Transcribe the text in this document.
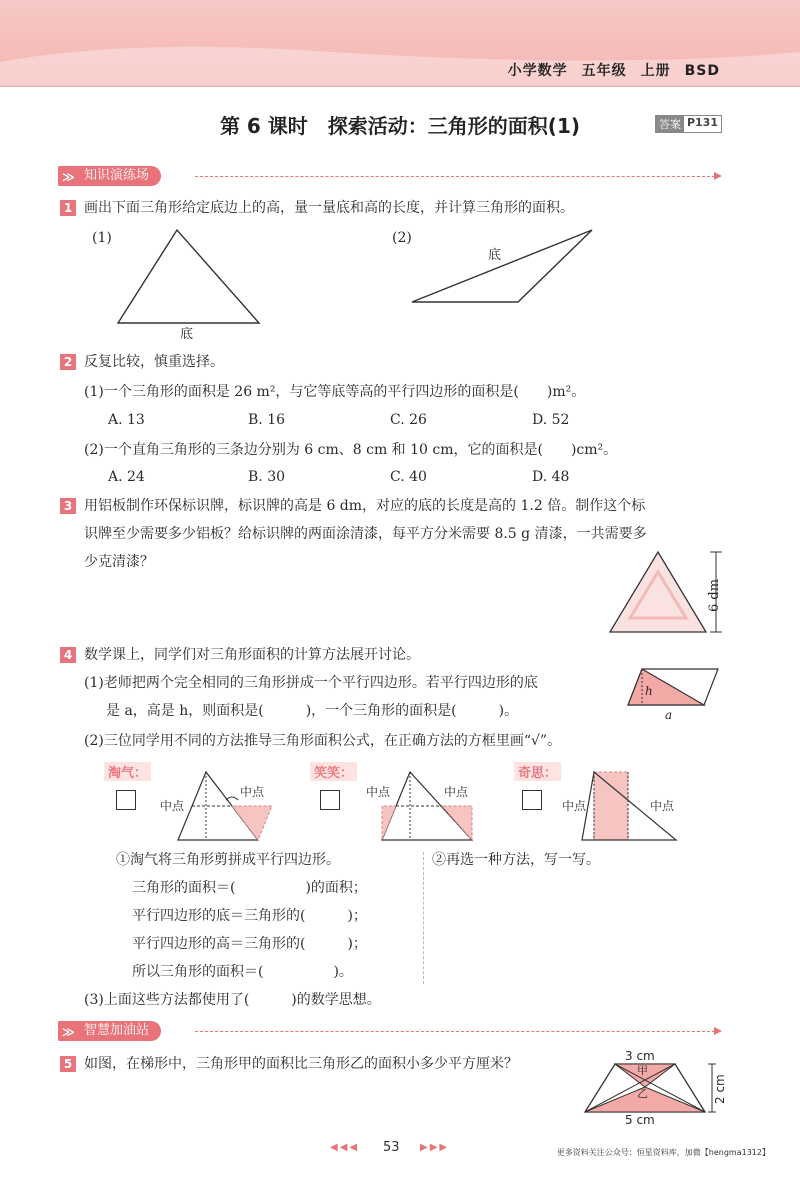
小学数学 五年级 上册 BSD
第 6 课时　探索活动：三角形的面积(1)	答案 P131
≫ 知识演练场
1 画出下面三角形给定底边上的高，量一量底和高的长度，并计算三角形的面积。
(1)	(2)
底
底
2 反复比较，慎重选择。
(1)一个三角形的面积是 26 m²，与它等底等高的平行四边形的面积是(　　)m²。
A. 13	B. 16	C. 26	D. 52
(2)一个直角三角形的三条边分别为 6 cm、8 cm 和 10 cm，它的面积是(　　)cm²。
A. 24	B. 30	C. 40	D. 48
3 用铝板制作环保标识牌，标识牌的高是 6 dm，对应的底的长度是高的 1.2 倍。制作这个标
识牌至少需要多少铝板？给标识牌的两面涂清漆，每平方分米需要 8.5 g 清漆，一共需要多
少克清漆？
6 dm
4 数学课上，同学们对三角形面积的计算方法展开讨论。
(1)老师把两个完全相同的三角形拼成一个平行四边形。若平行四边形的底
是 a，高是 h，则面积是(　　　)，一个三角形的面积是(　　　)。
h
a
(2)三位同学用不同的方法推导三角形面积公式，在正确方法的方框里画“√”。
淘气：	笑笑：	奇思：
中点
中点	中点	中点
中点	中点
①淘气将三角形剪拼成平行四边形。
三角形的面积＝(　　　　　)的面积；
平行四边形的底＝三角形的(　　　)；
平行四边形的高＝三角形的(　　　)；
所以三角形的面积＝(　　　　　)。
②再选一种方法，写一写。
(3)上面这些方法都使用了(　　　)的数学思想。
≫ 智慧加油站
5 如图，在梯形中，三角形甲的面积比三角形乙的面积小多少平方厘米？	3 cm
甲
乙
5 cm
2 cm
◀◀◀ 53 ▶▶▶	更多资料关注公众号：恒星资料库，加微【hengma1312】
